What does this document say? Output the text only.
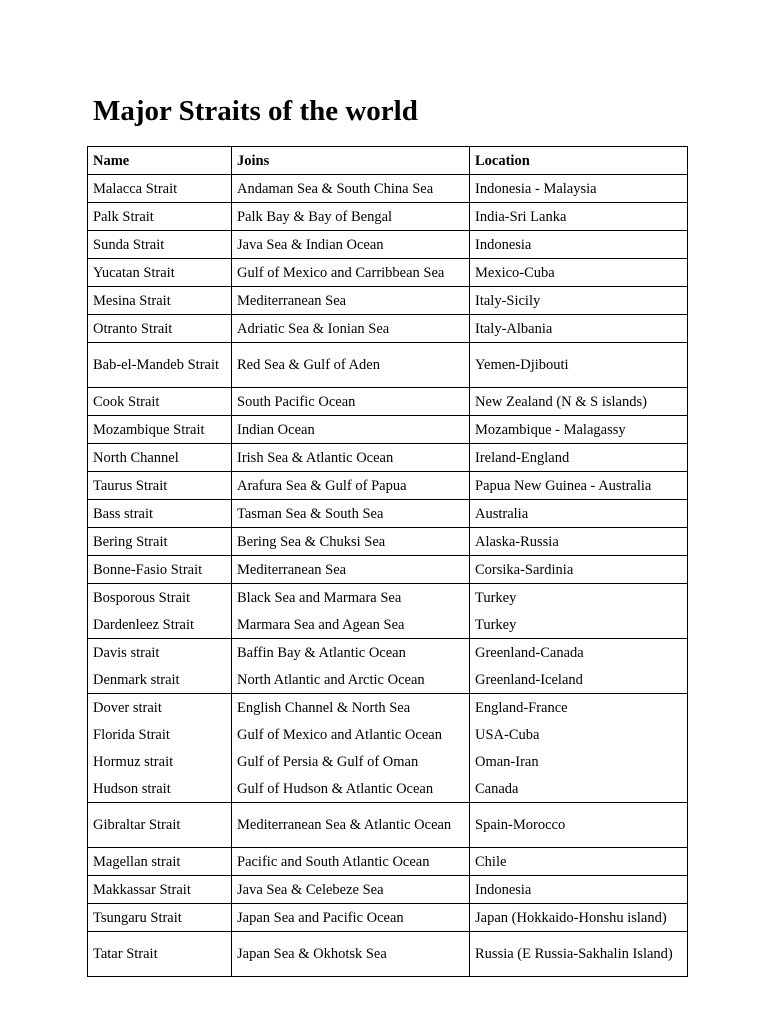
Major Straits of the world
Name	Joins	Location
Malacca Strait	Andaman Sea & South China Sea	Indonesia - Malaysia
Palk Strait	Palk Bay & Bay of Bengal	India-Sri Lanka
Sunda Strait	Java Sea & Indian Ocean	Indonesia
Yucatan Strait	Gulf of Mexico and Carribbean Sea	Mexico-Cuba
Mesina Strait	Mediterranean Sea	Italy-Sicily
Otranto Strait	Adriatic Sea & Ionian Sea	Italy-Albania
Bab-el-Mandeb Strait	Red Sea & Gulf of Aden	Yemen-Djibouti
Cook Strait	South Pacific Ocean	New Zealand (N & S islands)
Mozambique Strait	Indian Ocean	Mozambique - Malagassy
North Channel	Irish Sea & Atlantic Ocean	Ireland-England
Taurus Strait	Arafura Sea & Gulf of Papua	Papua New Guinea - Australia
Bass strait	Tasman Sea & South Sea	Australia
Bering Strait	Bering Sea & Chuksi Sea	Alaska-Russia
Bonne-Fasio Strait	Mediterranean Sea	Corsika-Sardinia
Bosporous Strait	Black Sea and Marmara Sea	Turkey
Dardenleez Strait	Marmara Sea and Agean Sea	Turkey
Davis strait	Baffin Bay & Atlantic Ocean	Greenland-Canada
Denmark strait	North Atlantic and Arctic Ocean	Greenland-Iceland
Dover strait	English Channel & North Sea	England-France
Florida Strait	Gulf of Mexico and Atlantic Ocean	USA-Cuba
Hormuz strait	Gulf of Persia & Gulf of Oman	Oman-Iran
Hudson strait	Gulf of Hudson & Atlantic Ocean	Canada
Gibraltar Strait	Mediterranean Sea & Atlantic Ocean	Spain-Morocco
Magellan strait	Pacific and South Atlantic Ocean	Chile
Makkassar Strait	Java Sea & Celebeze Sea	Indonesia
Tsungaru Strait	Japan Sea and Pacific Ocean	Japan (Hokkaido-Honshu island)
Tatar Strait	Japan Sea & Okhotsk Sea	Russia (E Russia-Sakhalin Island)
